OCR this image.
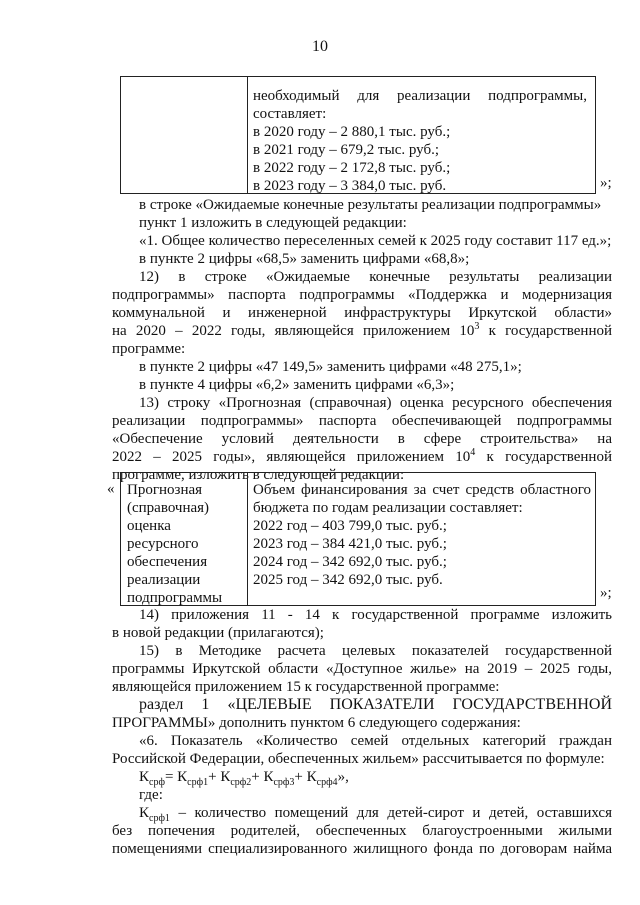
10
необходимый для реализации подпрограммы,
составляет:
в 2020 году – 2 880,1 тыс. руб.;
в 2021 году – 679,2 тыс. руб.;
в 2022 году – 2 172,8 тыс. руб.;
в 2023 году – 3 384,0 тыс. руб.	»;

в строке «Ожидаемые конечные результаты реализации подпрограммы»

пункт 1 изложить в следующей редакции:

«1. Общее количество переселенных семей к 2025 году составит 117 ед.»;

в пункте 2 цифры «68,5» заменить цифрами «68,8»;

12) в строке «Ожидаемые конечные результаты реализации

подпрограммы» паспорта подпрограммы «Поддержка и модернизация

коммунальной и инженерной инфраструктуры Иркутской области»

на 2020 – 2022 годы, являющейся приложением $10^3$ к государственной

программе:

в пункте 2 цифры «47 149,5» заменить цифрами «48 275,1»;

в пункте 4 цифры «6,2» заменить цифрами «6,3»;

13) строку «Прогнозная (справочная) оценка ресурсного обеспечения

реализации подпрограммы» паспорта обеспечивающей подпрограммы

«Обеспечение условий деятельности в сфере строительства» на

2022 – 2025 годы», являющейся приложением $10^4$ к государственной

программе, изложить в следующей редакции:

« Прогнозная
(справочная)
оценка
ресурсного
обеспечения
реализации
подпрограммы
Объем финансирования за счет средств областного
бюджета по годам реализации составляет:
2022 год – 403 799,0 тыс. руб.;
2023 год – 384 421,0 тыс. руб.;
2024 год – 342 692,0 тыс. руб.;
2025 год – 342 692,0 тыс. руб.
»;

14) приложения 11 - 14 к государственной программе изложить

в новой редакции (прилагаются);

15) в Методике расчета целевых показателей государственной

программы Иркутской области «Доступное жилье» на 2019 – 2025 годы,

являющейся приложением 15 к государственной программе:

раздел 1 «ЦЕЛЕВЫЕ ПОКАЗАТЕЛИ ГОСУДАРСТВЕННОЙ

ПРОГРАММЫ» дополнить пунктом 6 следующего содержания:

«6. Показатель «Количество семей отдельных категорий граждан

Российской Федерации, обеспеченных жильем» рассчитывается по формуле:

$К_{срф}= К_{срф1}+ К_{срф2}+ К_{срф3}+ К_{срф4}$»,

где:

$К_{срф1}$ – количество помещений для детей-сирот и детей, оставшихся

без попечения родителей, обеспеченных благоустроенными жилыми

помещениями специализированного жилищного фонда по договорам найма
